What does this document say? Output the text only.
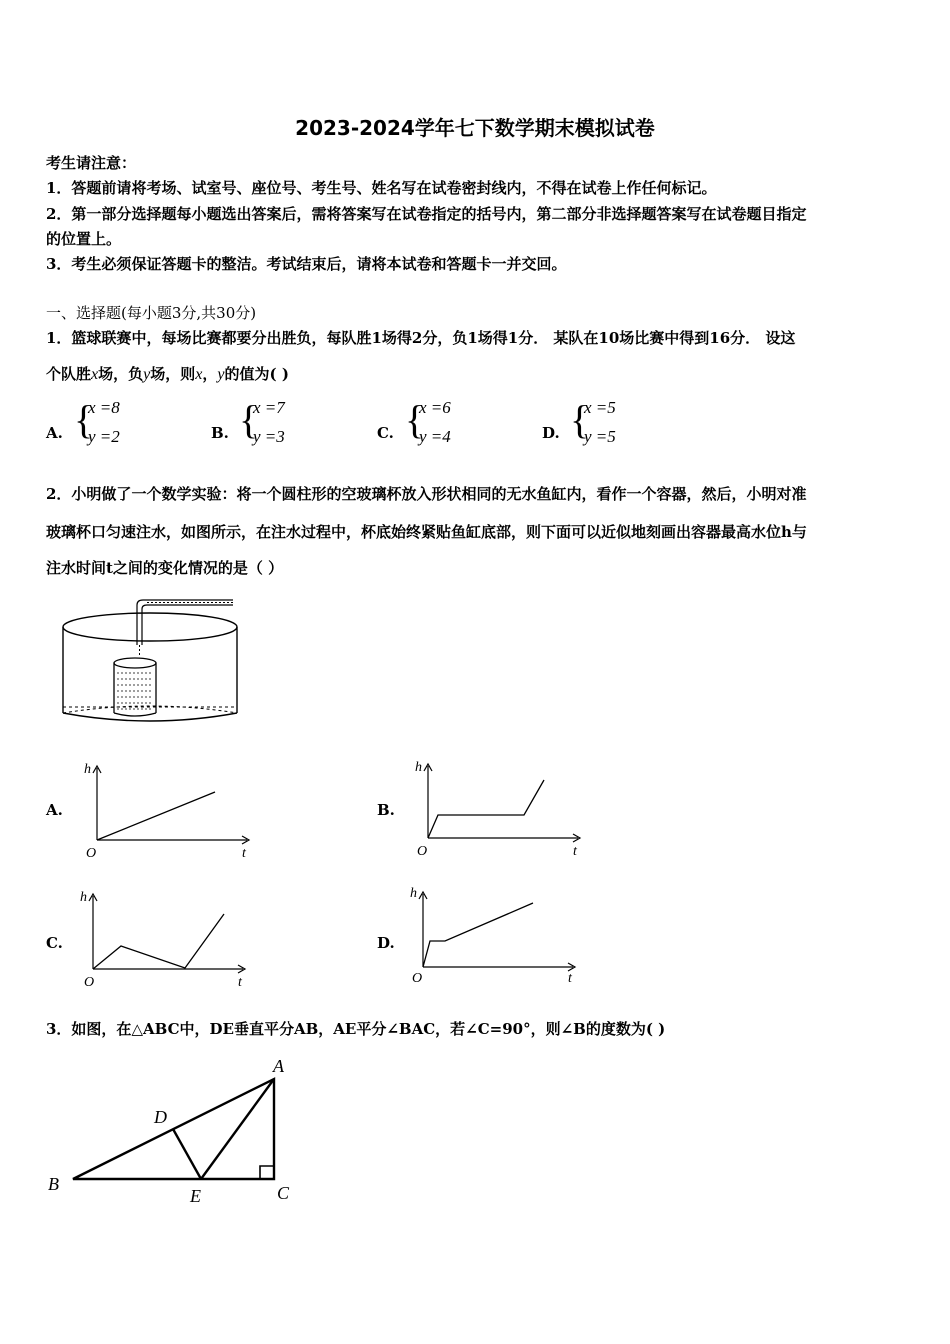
2023-2024学年七下数学期末模拟试卷
考生请注意：
1．答题前请将考场、试室号、座位号、考生号、姓名写在试卷密封线内，不得在试卷上作任何标记。
2．第一部分选择题每小题选出答案后，需将答案写在试卷指定的括号内，第二部分非选择题答案写在试卷题目指定
的位置上。
3．考生必须保证答题卡的整洁。考试结束后，请将本试卷和答题卡一并交回。
一、选择题(每小题3分,共30分)
1．篮球联赛中，每场比赛都要分出胜负，每队胜1场得2分，负1场得1分． 某队在10场比赛中得到16分． 设这
个队胜x场，负y场，则x，y的值为( )
A. {
x =8
y =2	B. {
x =7
y =3	C. {
x =6
y =4	D. {
x =5
y =5
2．小明做了一个数学实验：将一个圆柱形的空玻璃杯放入形状相同的无水鱼缸内，看作一个容器，然后，小明对准
玻璃杯口匀速注水，如图所示，在注水过程中，杯底始终紧贴鱼缸底部，则下面可以近似地刻画出容器最高水位h与
注水时间t之间的变化情况的是（ ）
A.
h
t
O
B.
h
t
O
C.
h
t
O
D.
h
t
O
3．如图，在△ABC中，DE垂直平分AB，AE平分∠BAC，若∠C=90°，则∠B的度数为( )
A
B	C
D
E
